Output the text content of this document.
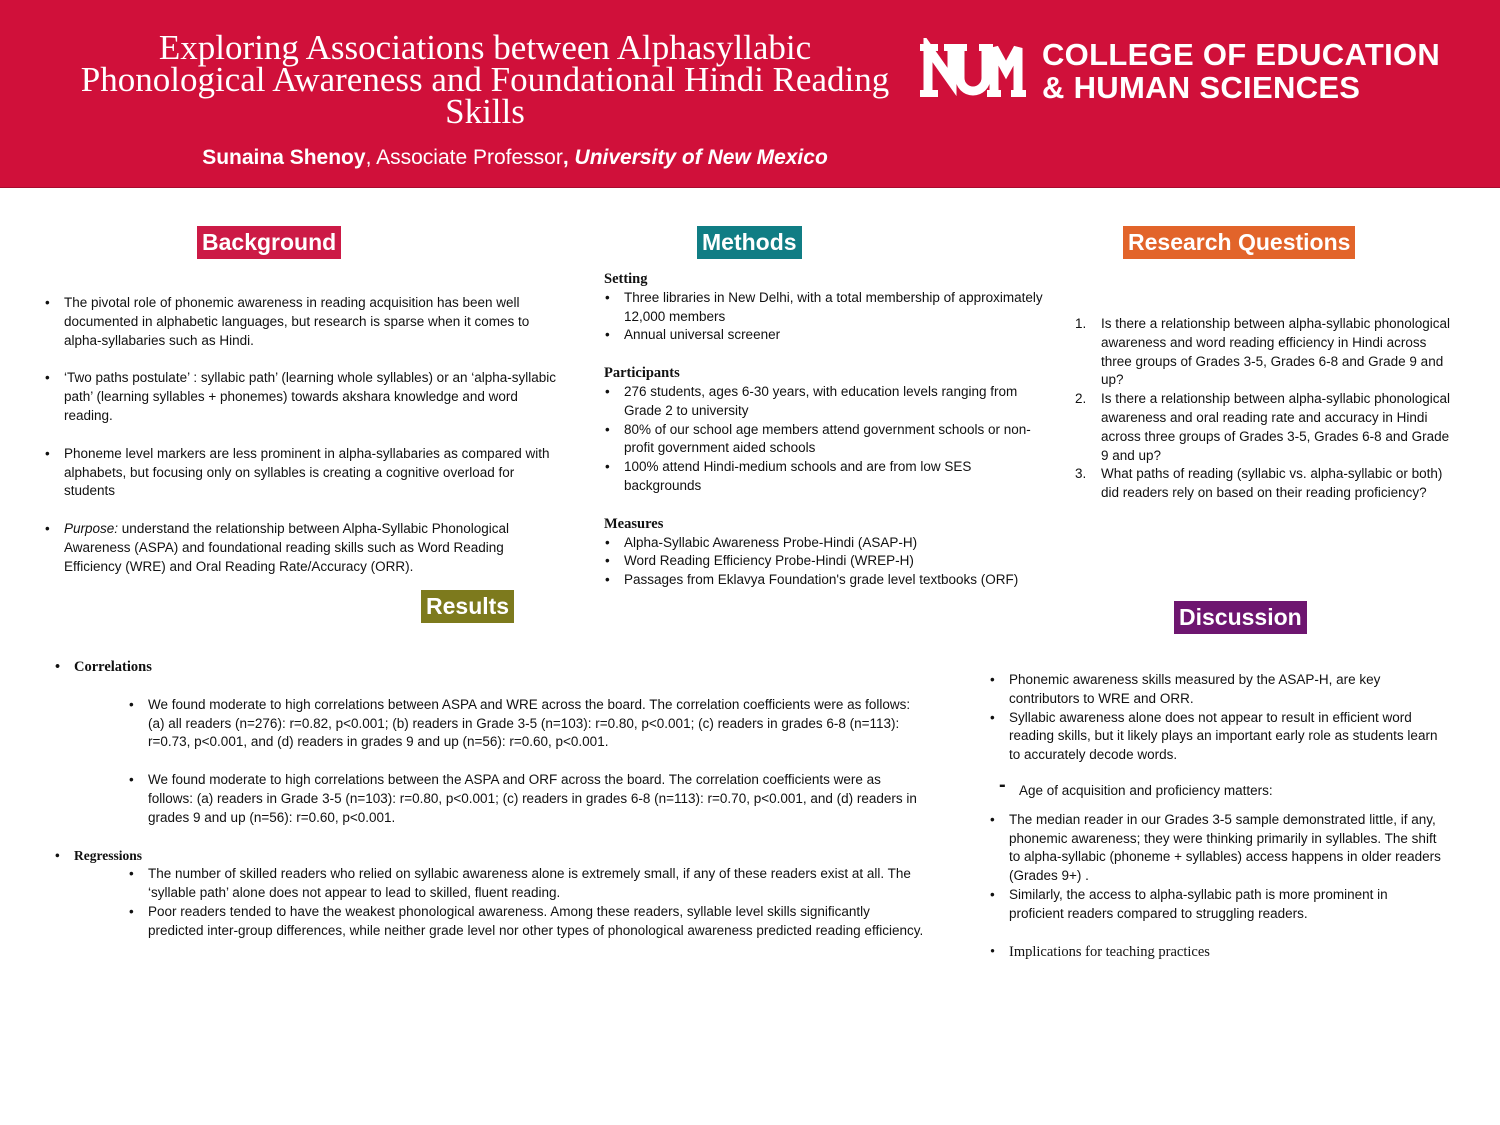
Exploring Associations between Alphasyllabic Phonological Awareness and Foundational Hindi Reading Skills
Sunaina Shenoy, Associate Professor, University of New Mexico
COLLEGE OF EDUCATION
& HUMAN SCIENCES
Background	Methods	Research Questions
Results	Discussion
• The pivotal role of phonemic awareness in reading acquisition has been well documented in alphabetic languages, but research is sparse when it comes to alpha-syllabaries such as Hindi.
• ‘Two paths postulate’ : syllabic path’ (learning whole syllables) or an ‘alpha-syllabic path’ (learning syllables + phonemes) towards akshara knowledge and word reading.
• Phoneme level markers are less prominent in alpha-syllabaries as compared with alphabets, but focusing only on syllables is creating a cognitive overload for students
• Purpose: understand the relationship between Alpha-Syllabic Phonological Awareness (ASPA) and foundational reading skills such as Word Reading Efficiency (WRE) and Oral Reading Rate/Accuracy (ORR).
Setting
• Three libraries in New Delhi, with a total membership of approximately 12,000 members
• Annual universal screener
Participants
• 276 students, ages 6-30 years, with education levels ranging from Grade 2 to university
• 80% of our school age members attend government schools or non-profit government aided schools
• 100% attend Hindi-medium schools and are from low SES backgrounds
Measures
• Alpha-Syllabic Awareness Probe-Hindi (ASAP-H)
• Word Reading Efficiency Probe-Hindi (WREP-H)
• Passages from Eklavya Foundation's grade level textbooks (ORF)
1. Is there a relationship between alpha-syllabic phonological awareness and word reading efficiency in Hindi across three groups of Grades 3-5, Grades 6-8 and Grade 9 and up?
2. Is there a relationship between alpha-syllabic phonological awareness and oral reading rate and accuracy in Hindi across three groups of Grades 3-5, Grades 6-8 and Grade 9 and up?
3. What paths of reading (syllabic vs. alpha-syllabic or both) did readers rely on based on their reading proficiency?
• Correlations
• We found moderate to high correlations between ASPA and WRE across the board. The correlation coefficients were as follows: (a) all readers (n=276): r=0.82, p<0.001; (b) readers in Grade 3-5 (n=103): r=0.80, p<0.001; (c) readers in grades 6-8 (n=113): r=0.73, p<0.001, and (d) readers in grades 9 and up (n=56): r=0.60, p<0.001.
• We found moderate to high correlations between the ASPA and ORF across the board. The correlation coefficients were as follows: (a) readers in Grade 3-5 (n=103): r=0.80, p<0.001; (c) readers in grades 6-8 (n=113): r=0.70, p<0.001, and (d) readers in grades 9 and up (n=56): r=0.60, p<0.001.
• Regressions
• The number of skilled readers who relied on syllabic awareness alone is extremely small, if any of these readers exist at all. The ‘syllable path’ alone does not appear to lead to skilled, fluent reading.
• Poor readers tended to have the weakest phonological awareness. Among these readers, syllable level skills significantly predicted inter-group differences, while neither grade level nor other types of phonological awareness predicted reading efficiency.
• Phonemic awareness skills measured by the ASAP-H, are key contributors to WRE and ORR.
• Syllabic awareness alone does not appear to result in efficient word reading skills, but it likely plays an important early role as students learn to accurately decode words.
- Age of acquisition and proficiency matters:
• The median reader in our Grades 3-5 sample demonstrated little, if any, phonemic awareness; they were thinking primarily in syllables. The shift to alpha-syllabic (phoneme + syllables) access happens in older readers (Grades 9+) .
• Similarly, the access to alpha-syllabic path is more prominent in proficient readers compared to struggling readers.
• Implications for teaching practices
